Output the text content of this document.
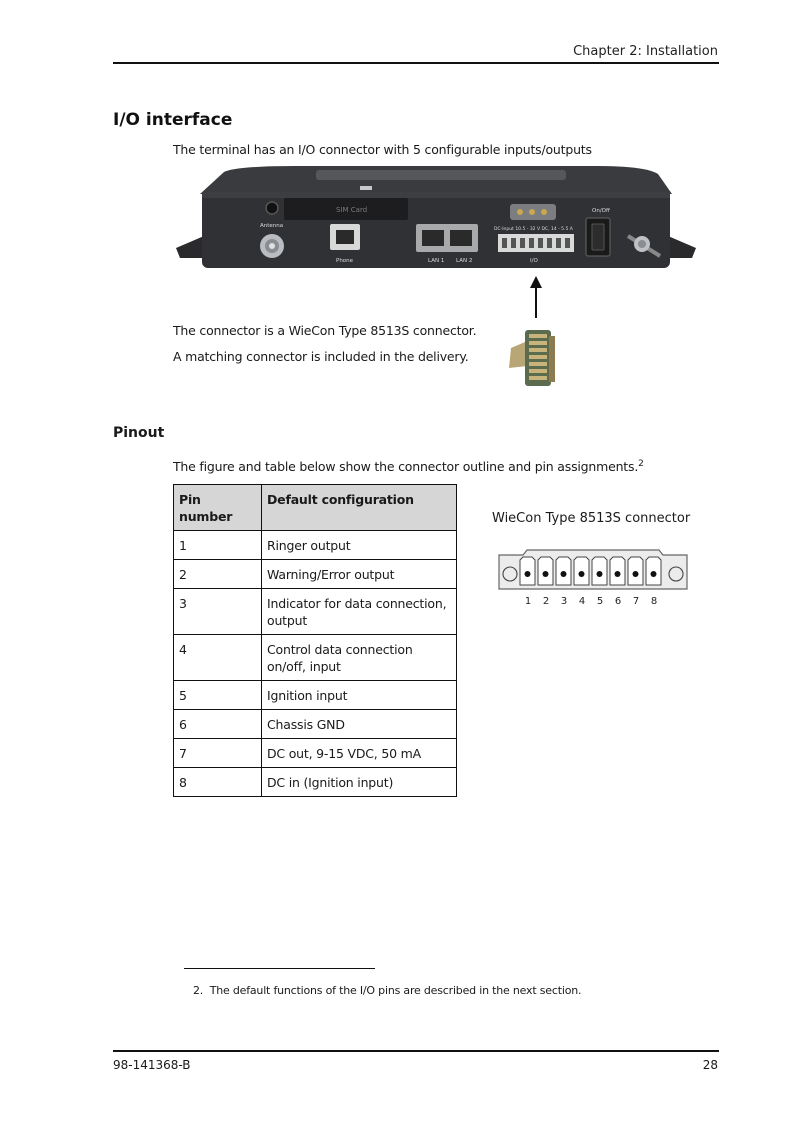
Chapter 2: Installation
I/O interface
The terminal has an I/O connector with 5 configurable inputs/outputs
SIM Card
Antenna
Phone	LAN 1 LAN 2
DC-Input 10.5 - 32 V DC, 14 - 5.5 A
I/O
On/Off
The connector is a WieCon Type 8513S connector.
A matching connector is included in the delivery.
Pinout
The figure and table below show the connector outline and pin assignments.$^2$
Pin number	Default configuration
1	Ringer output
2	Warning/Error output
3	Indicator for data connection, output
4	Control data connection on/off, input
5	Ignition input
6	Chassis GND
7	DC out, 9-15 VDC, 50 mA
8	DC in (Ignition input)
WieCon Type 8513S connector
1 2 3 4 5 6 7 8
2. The default functions of the I/O pins are described in the next section.
98-141368-B	28
